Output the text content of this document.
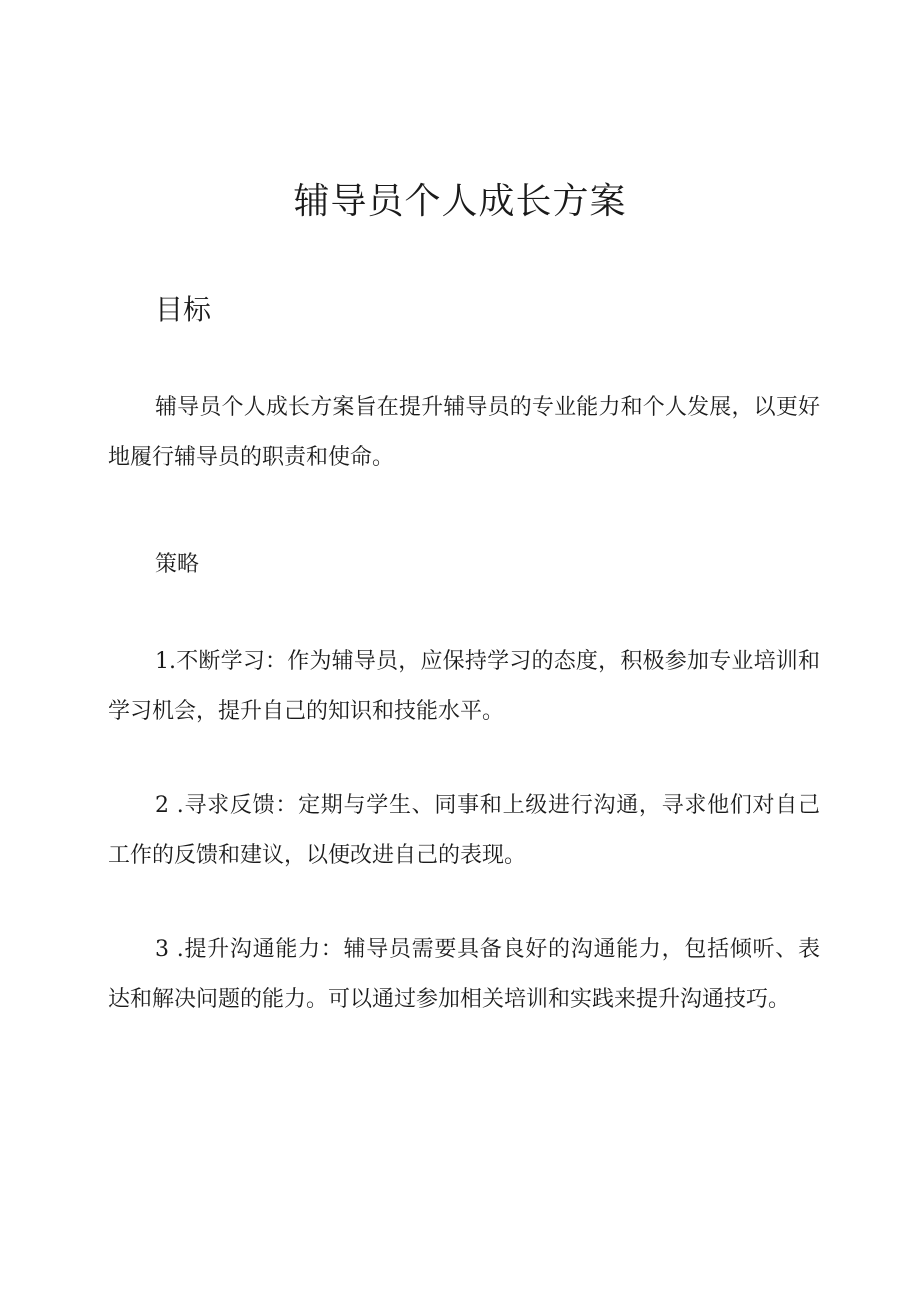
辅导员个人成长方案
目标

辅导员个人成长方案旨在提升辅导员的专业能力和个人发展，以更好地履行辅导员的职责和使命。

策略

1.不断学习：作为辅导员，应保持学习的态度，积极参加专业培训和学习机会，提升自己的知识和技能水平。

2 .寻求反馈：定期与学生、同事和上级进行沟通，寻求他们对自己工作的反馈和建议，以便改进自己的表现。

3 .提升沟通能力：辅导员需要具备良好的沟通能力，包括倾听、表达和解决问题的能力。可以通过参加相关培训和实践来提升沟通技巧。
